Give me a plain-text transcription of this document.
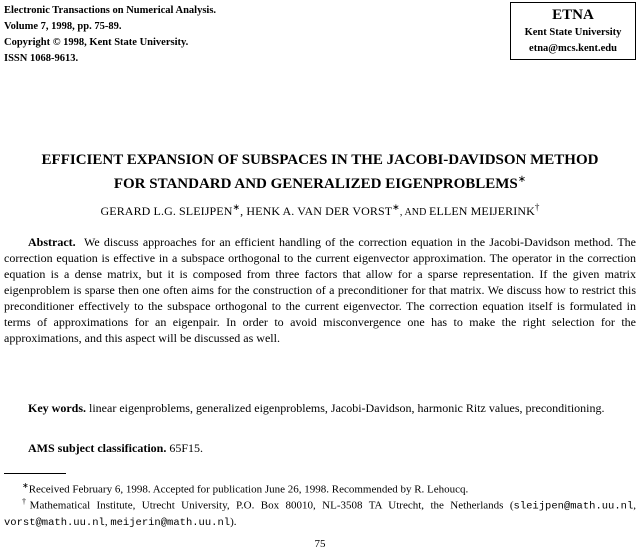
Electronic Transactions on Numerical Analysis.
Volume 7, 1998, pp. 75-89.
Copyright © 1998, Kent State University.
ISSN 1068-9613.
ETNA
Kent State University
etna@mcs.kent.edu
EFFICIENT EXPANSION OF SUBSPACES IN THE JACOBI-DAVIDSON METHOD
FOR STANDARD AND GENERALIZED EIGENPROBLEMS∗
GERARD L.G. SLEIJPEN∗, HENK A. VAN DER VORST∗, AND ELLEN MEIJERINK†
Abstract. We discuss approaches for an efficient handling of the correction equation in the Jacobi-Davidson method. The correction equation is effective in a subspace orthogonal to the current eigenvector approximation. The operator in the correction equation is a dense matrix, but it is composed from three factors that allow for a sparse representation. If the given matrix eigenproblem is sparse then one often aims for the construction of a preconditioner for that matrix. We discuss how to restrict this preconditioner effectively to the subspace orthogonal to the current eigenvector. The correction equation itself is formulated in terms of approximations for an eigenpair. In order to avoid misconvergence one has to make the right selection for the approximations, and this aspect will be discussed as well.
Key words. linear eigenproblems, generalized eigenproblems, Jacobi-Davidson, harmonic Ritz values, preconditioning.
AMS subject classification. 65F15.
∗Received February 6, 1998. Accepted for publication June 26, 1998. Recommended by R. Lehoucq.
†Mathematical Institute, Utrecht University, P.O. Box 80010, NL-3508 TA Utrecht, the Netherlands (sleijpen@math.uu.nl, vorst@math.uu.nl, meijerin@math.uu.nl).
75
